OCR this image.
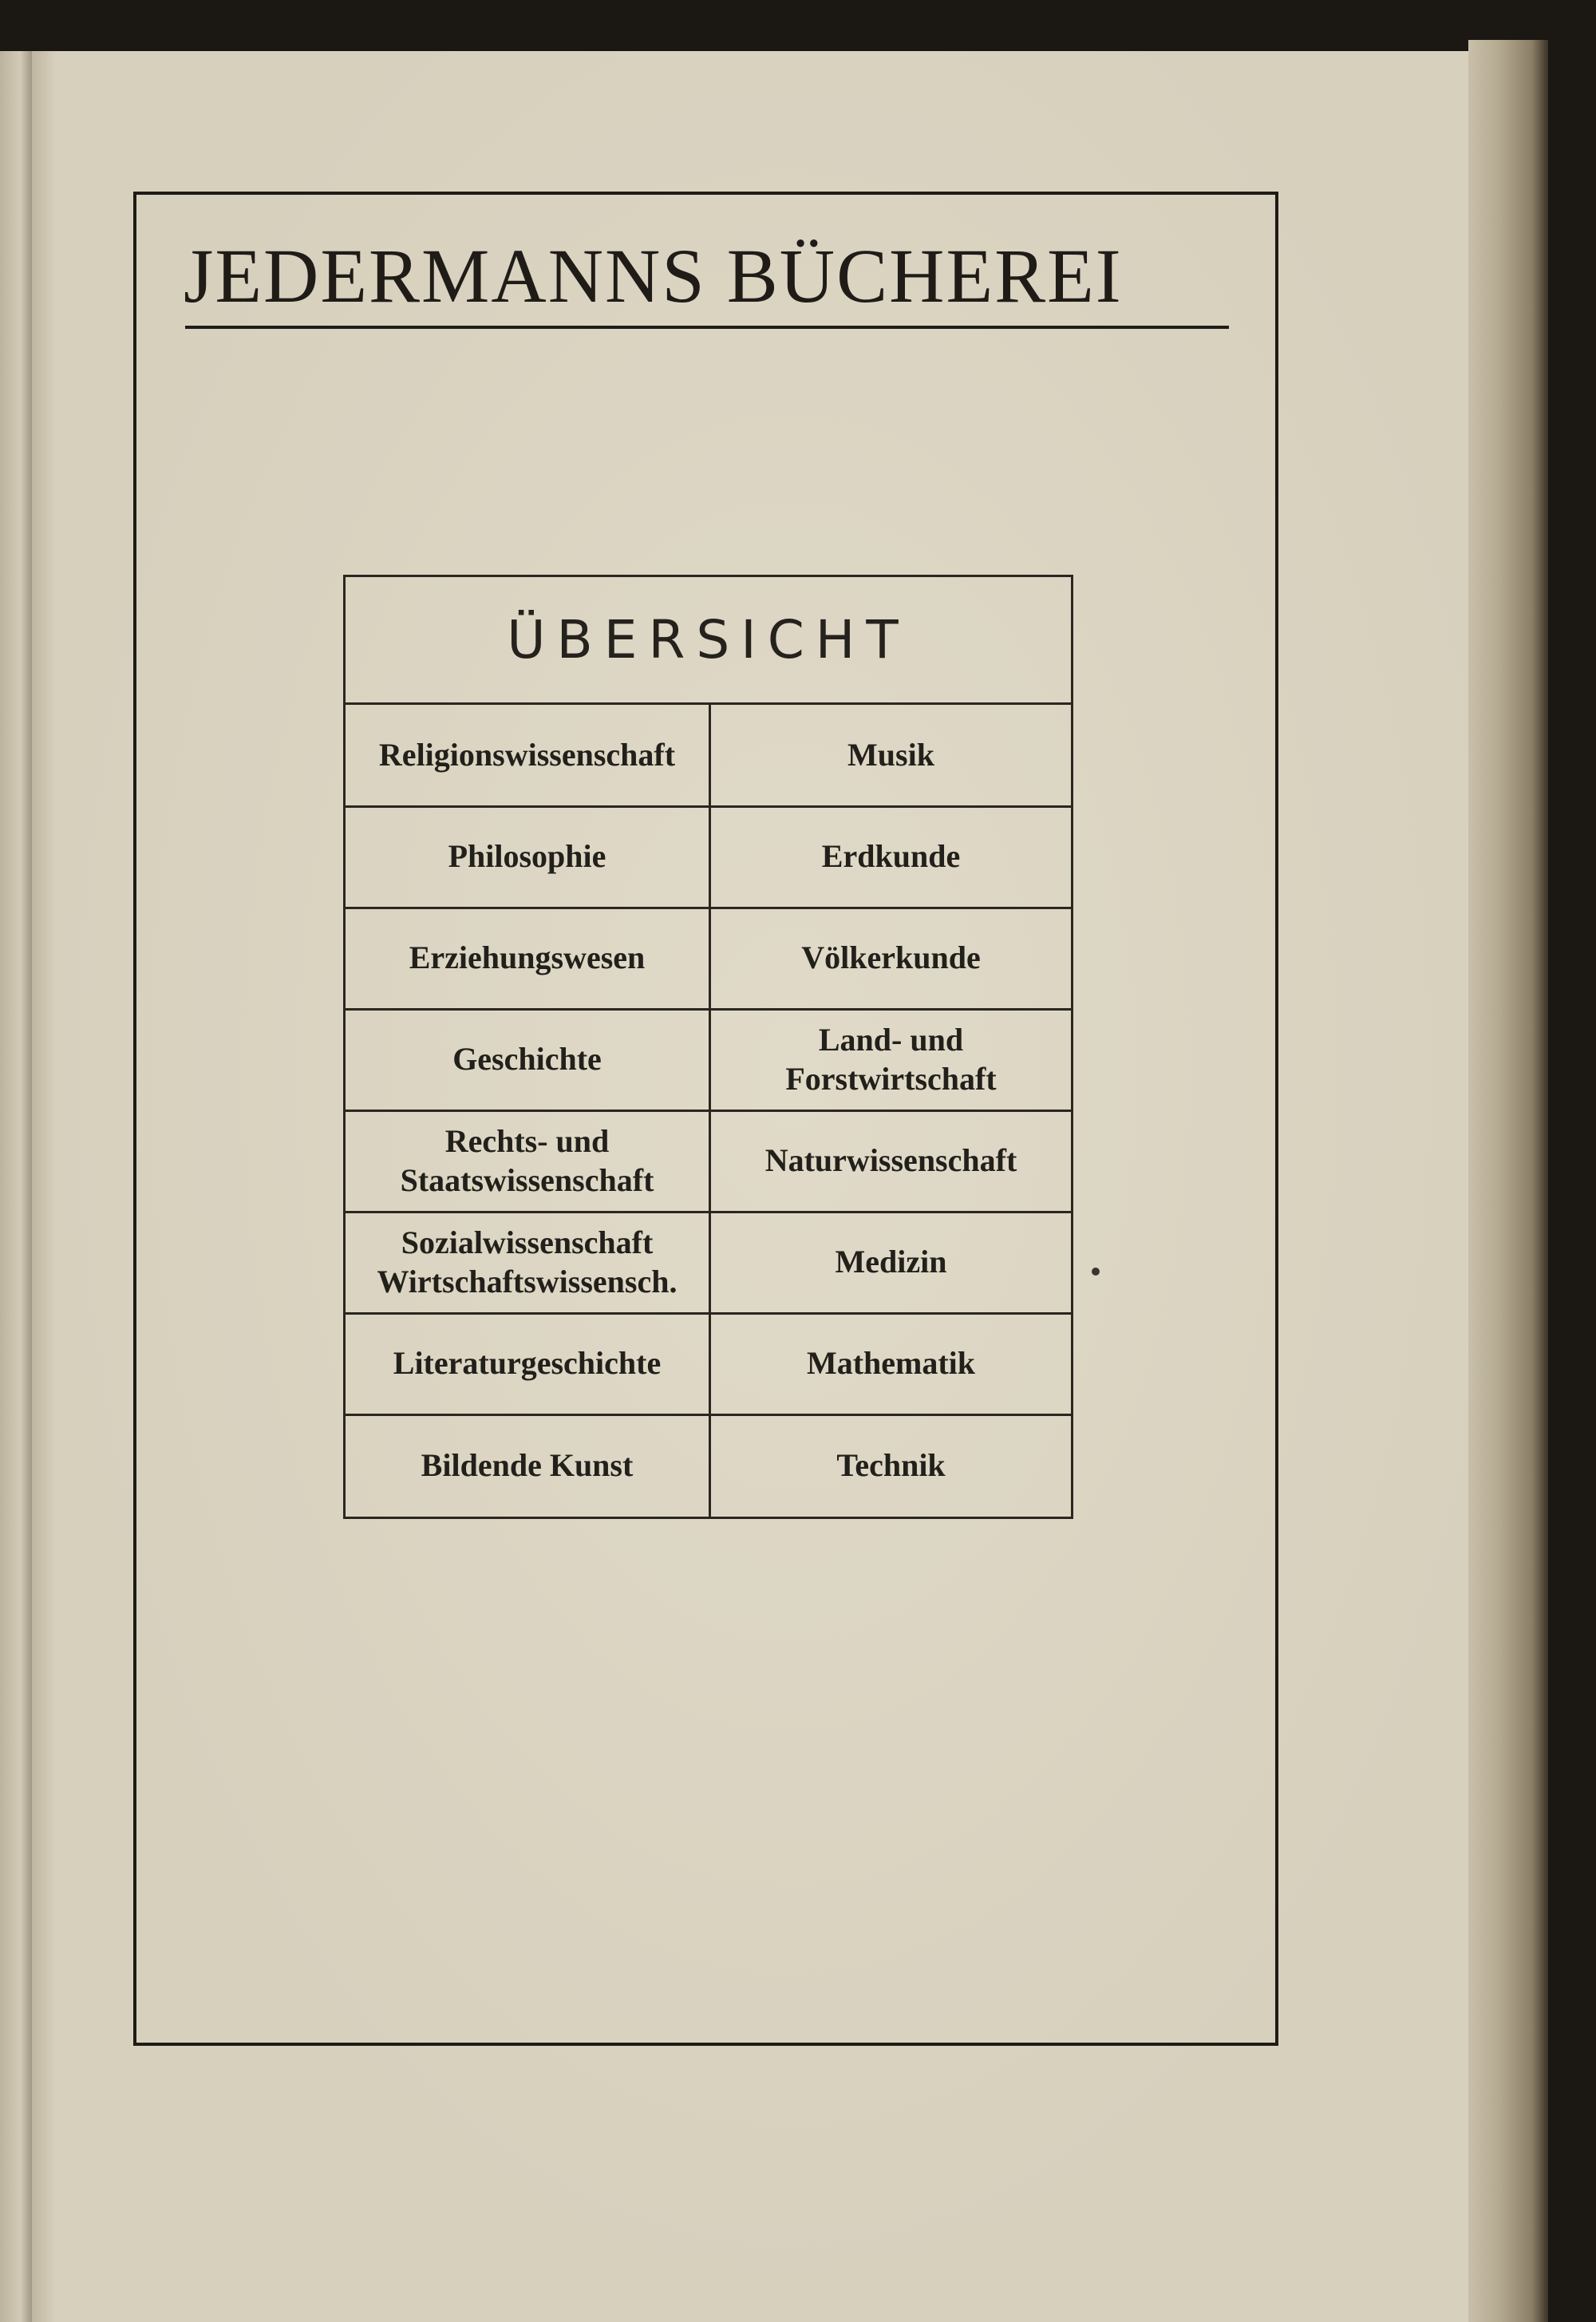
JEDERMANNS BÜCHEREI
ÜBERSICHT
Religionswissenschaft
Philosophie
Erziehungswesen
Geschichte
Rechts- und
Staatswissenschaft
Sozialwissenschaft
Wirtschaftswissensch.
Literaturgeschichte
Bildende Kunst
Musik
Erdkunde
Völkerkunde
Land- und
Forstwirtschaft
Naturwissenschaft
Medizin
Mathematik
Technik
